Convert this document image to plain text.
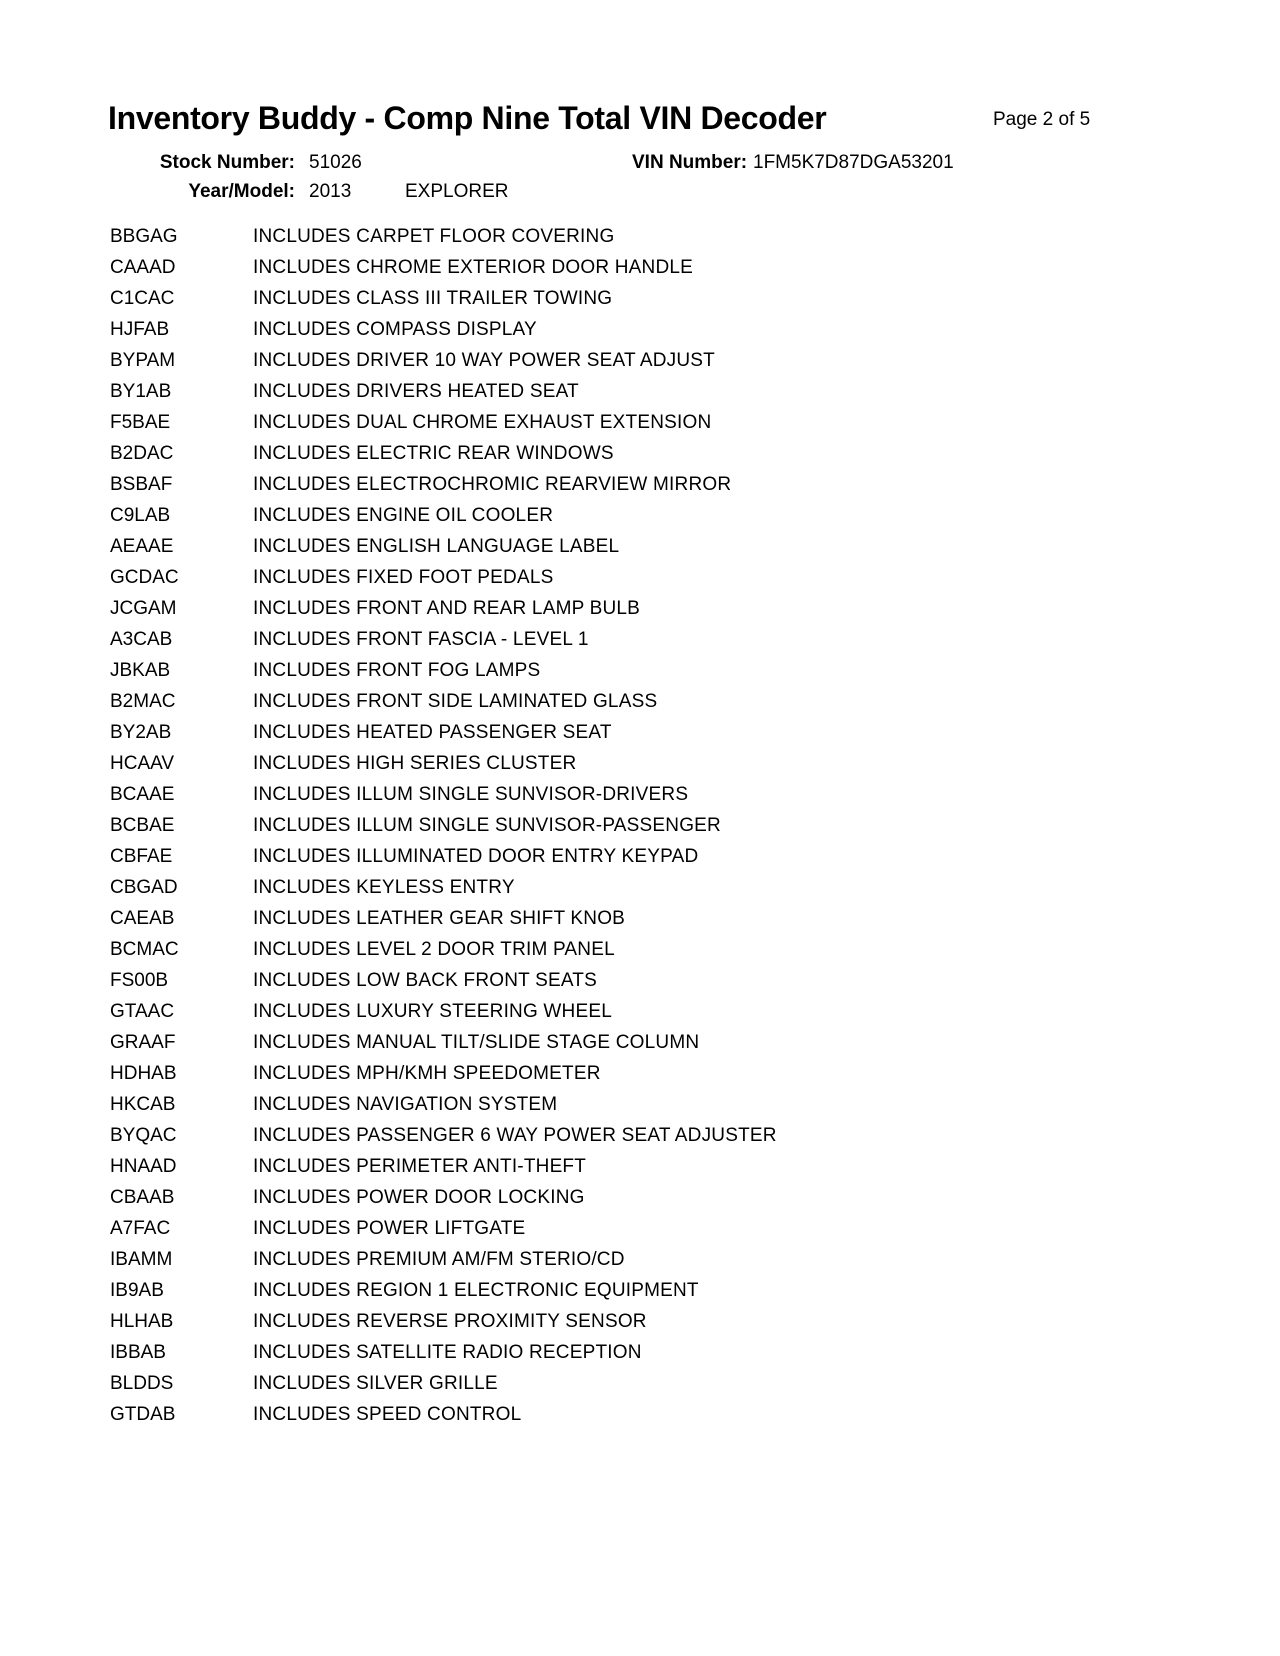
Inventory Buddy - Comp Nine Total VIN Decoder	Page 2 of 5
Stock Number: 51026	VIN Number: 1FM5K7D87DGA53201
Year/Model: 2013	EXPLORER
BBGAG	INCLUDES CARPET FLOOR COVERING
CAAAD	INCLUDES CHROME EXTERIOR DOOR HANDLE
C1CAC	INCLUDES CLASS III TRAILER TOWING
HJFAB	INCLUDES COMPASS DISPLAY
BYPAM	INCLUDES DRIVER 10 WAY POWER SEAT ADJUST
BY1AB	INCLUDES DRIVERS HEATED SEAT
F5BAE	INCLUDES DUAL CHROME EXHAUST EXTENSION
B2DAC	INCLUDES ELECTRIC REAR WINDOWS
BSBAF	INCLUDES ELECTROCHROMIC REARVIEW MIRROR
C9LAB	INCLUDES ENGINE OIL COOLER
AEAAE	INCLUDES ENGLISH LANGUAGE LABEL
GCDAC	INCLUDES FIXED FOOT PEDALS
JCGAM	INCLUDES FRONT AND REAR LAMP BULB
A3CAB	INCLUDES FRONT FASCIA - LEVEL 1
JBKAB	INCLUDES FRONT FOG LAMPS
B2MAC	INCLUDES FRONT SIDE LAMINATED GLASS
BY2AB	INCLUDES HEATED PASSENGER SEAT
HCAAV	INCLUDES HIGH SERIES CLUSTER
BCAAE	INCLUDES ILLUM SINGLE SUNVISOR-DRIVERS
BCBAE	INCLUDES ILLUM SINGLE SUNVISOR-PASSENGER
CBFAE	INCLUDES ILLUMINATED DOOR ENTRY KEYPAD
CBGAD	INCLUDES KEYLESS ENTRY
CAEAB	INCLUDES LEATHER GEAR SHIFT KNOB
BCMAC	INCLUDES LEVEL 2 DOOR TRIM PANEL
FS00B	INCLUDES LOW BACK FRONT SEATS
GTAAC	INCLUDES LUXURY STEERING WHEEL
GRAAF	INCLUDES MANUAL TILT/SLIDE STAGE COLUMN
HDHAB	INCLUDES MPH/KMH SPEEDOMETER
HKCAB	INCLUDES NAVIGATION SYSTEM
BYQAC	INCLUDES PASSENGER 6 WAY POWER SEAT ADJUSTER
HNAAD	INCLUDES PERIMETER ANTI-THEFT
CBAAB	INCLUDES POWER DOOR LOCKING
A7FAC	INCLUDES POWER LIFTGATE
IBAMM	INCLUDES PREMIUM AM/FM STERIO/CD
IB9AB	INCLUDES REGION 1 ELECTRONIC EQUIPMENT
HLHAB	INCLUDES REVERSE PROXIMITY SENSOR
IBBAB	INCLUDES SATELLITE RADIO RECEPTION
BLDDS	INCLUDES SILVER GRILLE
GTDAB	INCLUDES SPEED CONTROL
